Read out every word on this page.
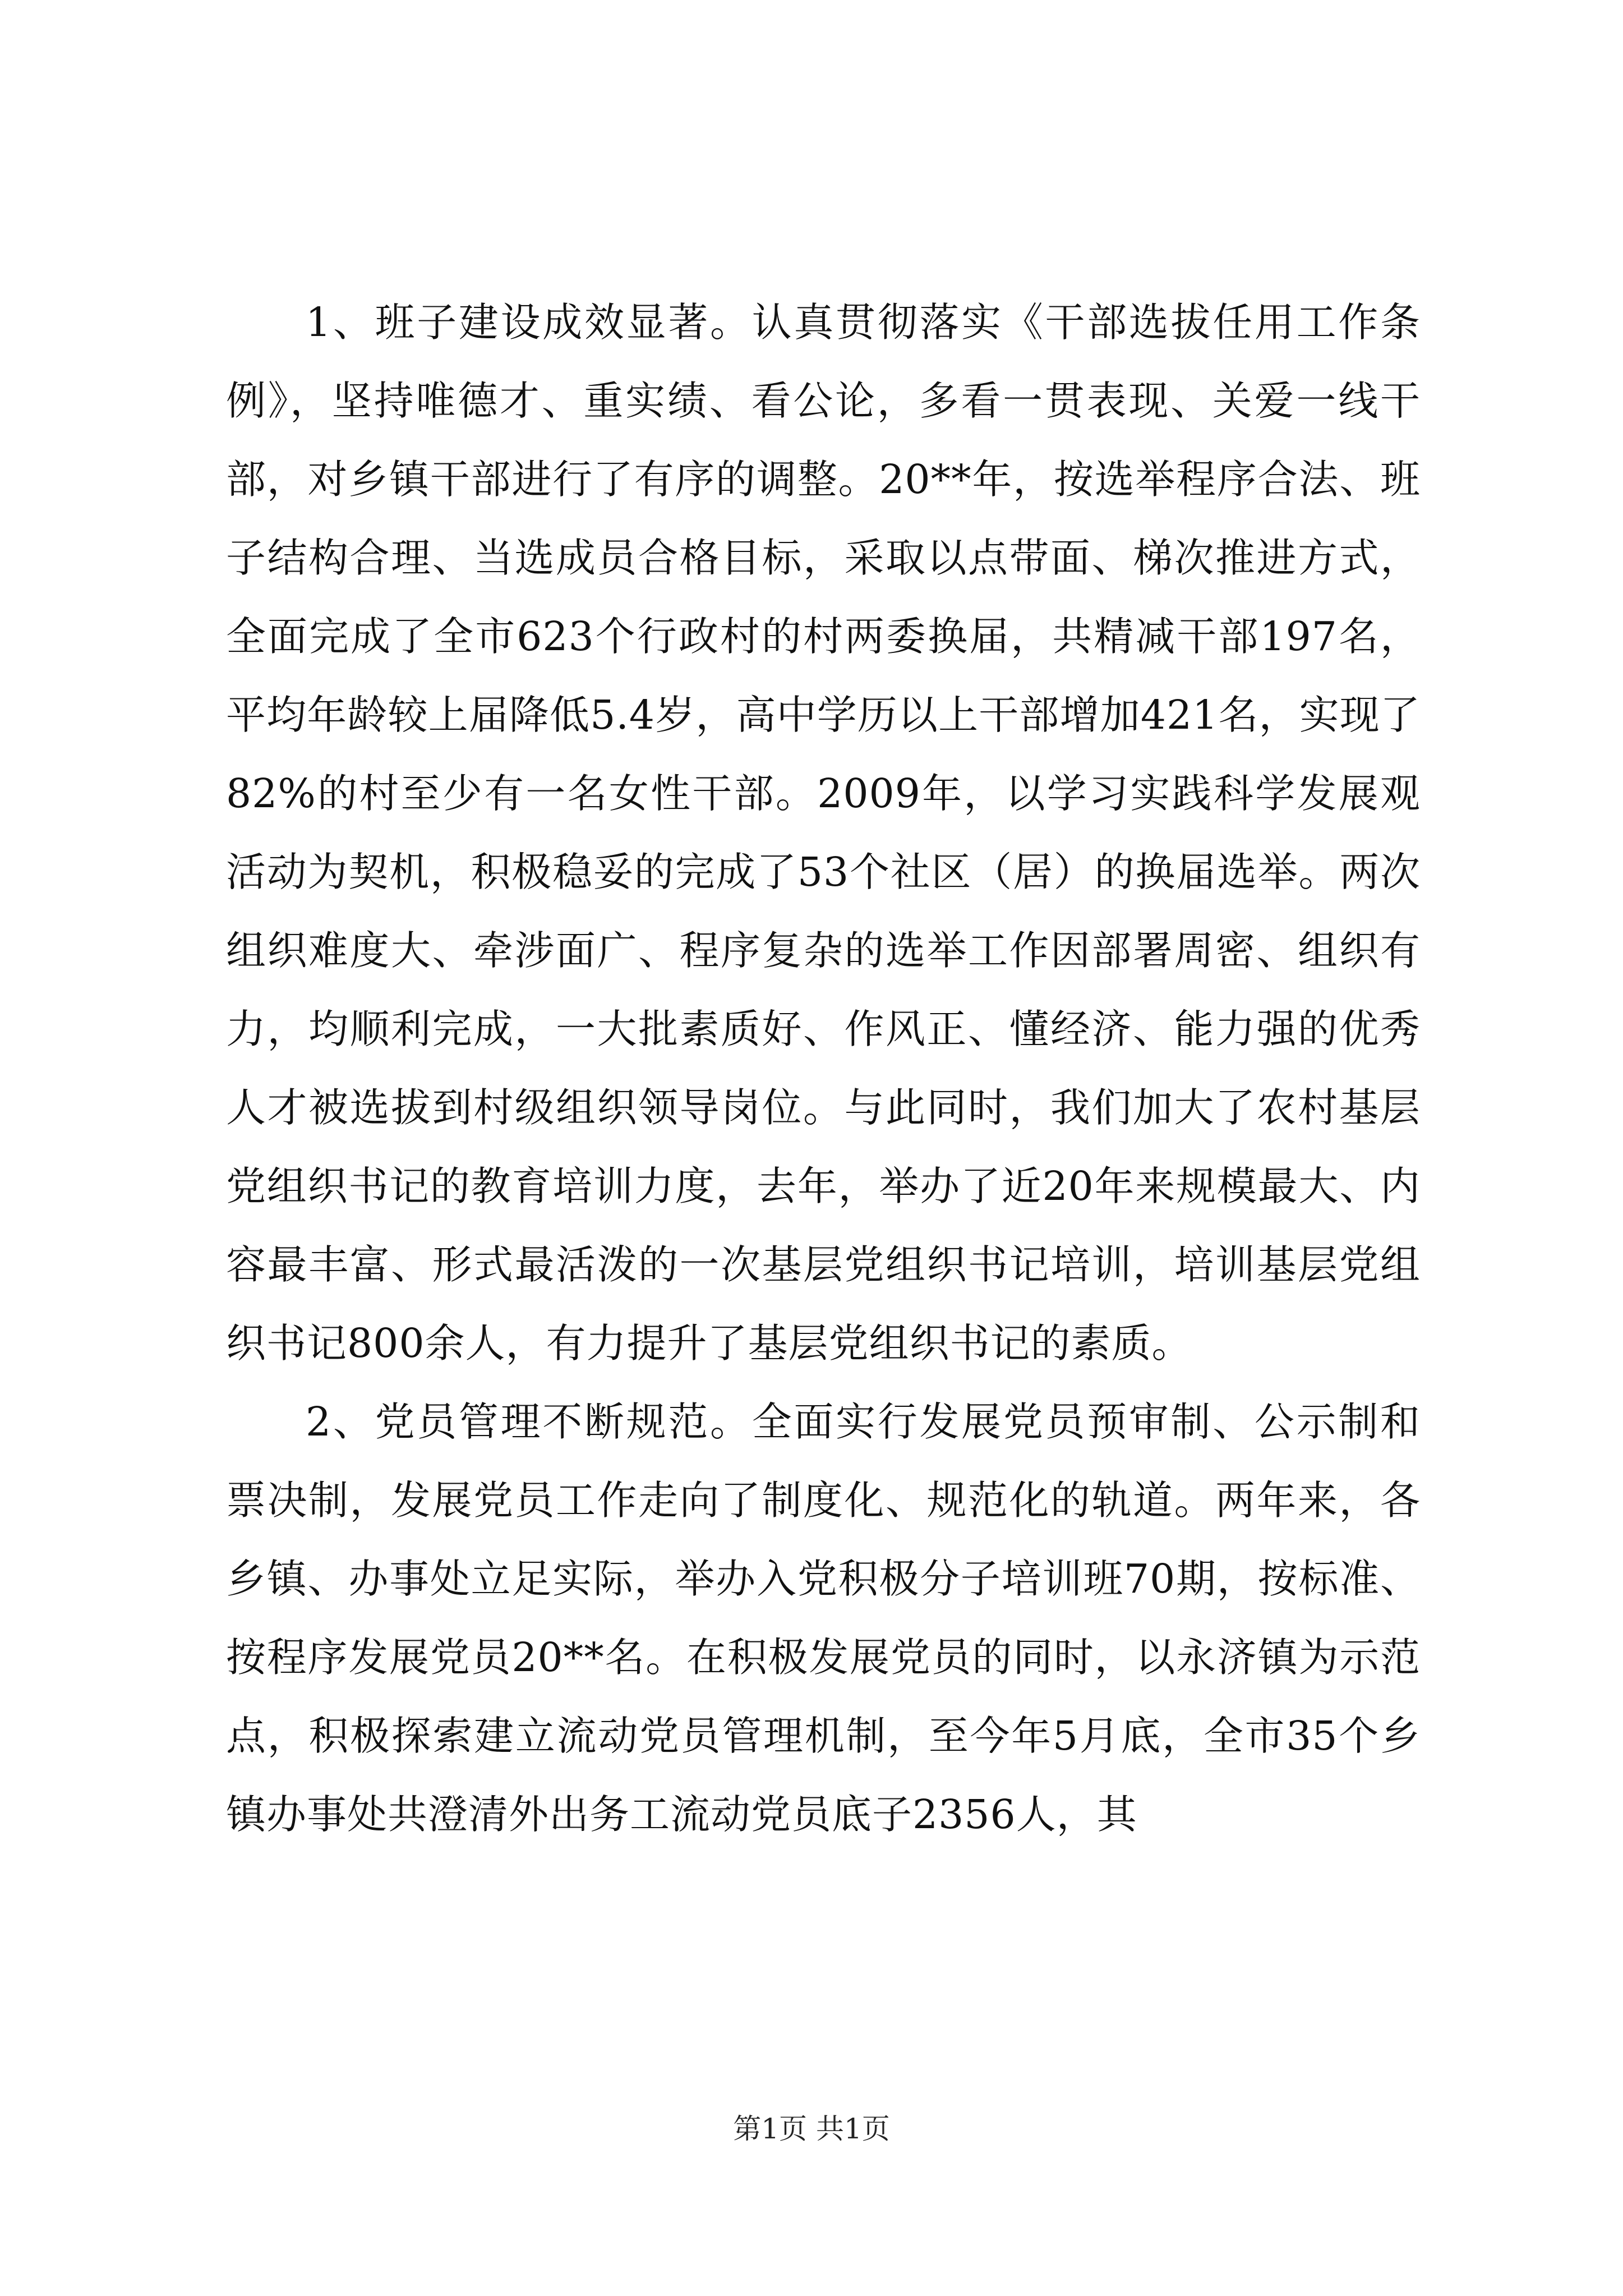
1、班子建设成效显著。认真贯彻落实《干部选拔任用工作条例》，坚持唯德才、重实绩、看公论，多看一贯表现、关爱一线干部，对乡镇干部进行了有序的调整。20**年，按选举程序合法、班子结构合理、当选成员合格目标，采取以点带面、梯次推进方式，全面完成了全市623个行政村的村两委换届，共精减干部197名，平均年龄较上届降低5.4岁，高中学历以上干部增加421名，实现了82%的村至少有一名女性干部。2009年，以学习实践科学发展观活动为契机，积极稳妥的完成了53个社区（居）的换届选举。两次组织难度大、牵涉面广、程序复杂的选举工作因部署周密、组织有力，均顺利完成，一大批素质好、作风正、懂经济、能力强的优秀人才被选拔到村级组织领导岗位。与此同时，我们加大了农村基层党组织书记的教育培训力度，去年，举办了近20年来规模最大、内容最丰富、形式最活泼的一次基层党组织书记培训，培训基层党组织书记800余人，有力提升了基层党组织书记的素质。

2、党员管理不断规范。全面实行发展党员预审制、公示制和票决制，发展党员工作走向了制度化、规范化的轨道。两年来，各乡镇、办事处立足实际，举办入党积极分子培训班70期，按标准、按程序发展党员20**名。在积极发展党员的同时，以永济镇为示范点，积极探索建立流动党员管理机制，至今年5月底，全市35个乡镇办事处共澄清外出务工流动党员底子2356人，其

第1页 共1页
